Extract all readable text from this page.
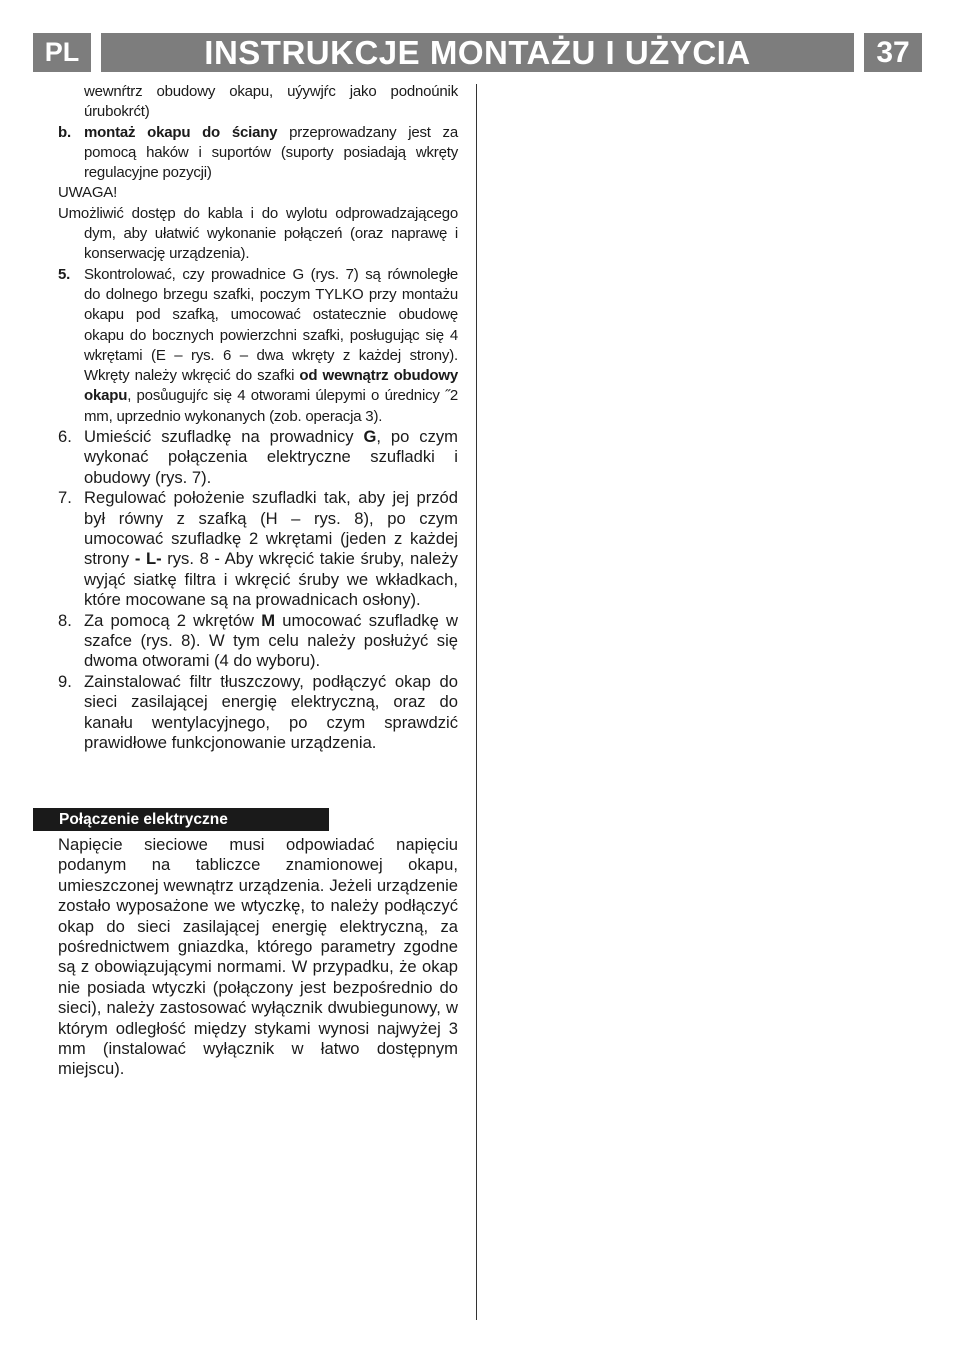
PL	INSTRUKCJE MONTAŻU I UŻYCIA	37

wewnŕtrz obudowy okapu, uýywjŕc jako podnoúnik úrubokrćt)

b. montaż okapu do ściany przeprowadzany jest za pomocą haków i suportów (suporty posiadają wkręty regulacyjne pozycji)

UWAGA!

Umożliwić dostęp do kabla i do wylotu odprowadzającego dym, aby ułatwić wykonanie połączeń (oraz naprawę i konserwację urządzenia).

5. Skontrolować, czy prowadnice G (rys. 7) są równoległe do dolnego brzegu szafki, poczym TYLKO przy montażu okapu pod szafką, umocować ostatecznie obudowę okapu do bocznych powierzchni szafki, posługując się 4 wkrętami (E – rys. 6 – dwa wkręty z każdej strony). Wkręty należy wkręcić do szafki od wewnątrz obudowy okapu, posůugujŕc się 4 otworami úlepymi o úrednicy ˝2 mm, uprzednio wykonanych (zob. operacja 3).
6. Umieścić szufladkę na prowadnicy G, po czym wykonać połączenia elektryczne szufladki i obudowy (rys. 7).
7. Regulować położenie szufladki tak, aby jej przód był równy z szafką (H – rys. 8), po czym umocować szufladkę 2 wkrętami (jeden z każdej strony - L- rys. 8 - Aby wkręcić takie śruby, należy wyjąć siatkę filtra i wkręcić śruby we wkładkach, które mocowane są na prowadnicach osłony).
8. Za pomocą 2 wkrętów M umocować szufladkę w szafce (rys. 8). W tym celu należy posłużyć się dwoma otworami (4 do wyboru).
9. Zainstalować filtr tłuszczowy, podłączyć okap do sieci zasilającej energię elektryczną, oraz do kanału wentylacyjnego, po czym sprawdzić prawidłowe funkcjonowanie urządzenia.
Połączenie elektryczne

Napięcie sieciowe musi odpowiadać napięciu podanym na tabliczce znamionowej okapu, umieszczonej wewnątrz urządzenia. Jeżeli urządzenie zostało wyposażone we wtyczkę, to należy podłączyć okap do sieci zasilającej energię elektryczną, za pośrednictwem gniazdka, którego parametry zgodne są z obowiązującymi normami. W przypadku, że okap nie posiada wtyczki (połączony jest bezpośrednio do sieci), należy zastosować wyłącznik dwubiegunowy, w którym odległość między stykami wynosi najwyżej 3 mm (instalować wyłącznik w łatwo dostępnym miejscu).
